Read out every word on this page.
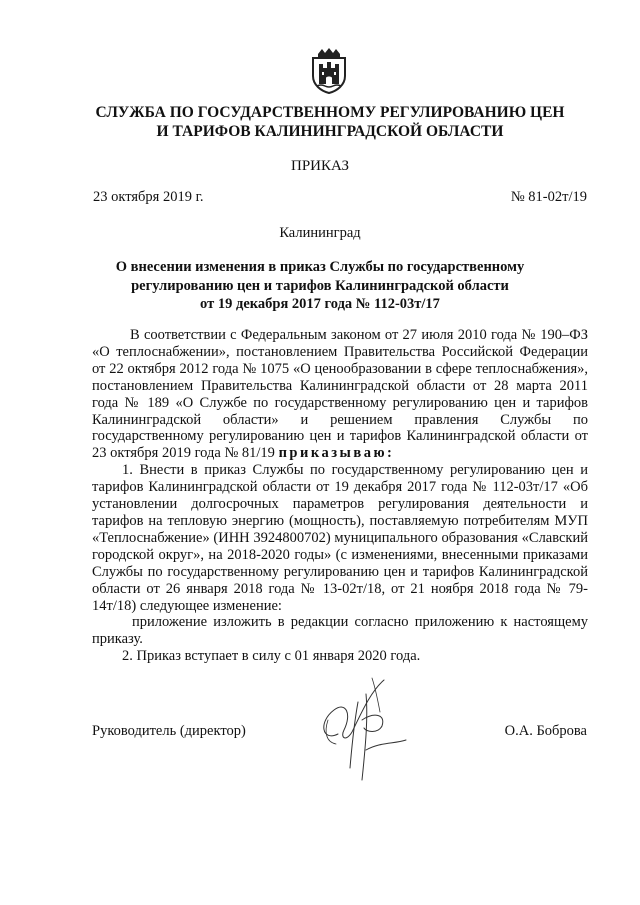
СЛУЖБА ПО ГОСУДАРСТВЕННОМУ РЕГУЛИРОВАНИЮ ЦЕН
И ТАРИФОВ КАЛИНИНГРАДСКОЙ ОБЛАСТИ
ПРИКАЗ
23 октября 2019 г.	№ 81-02т/19
Калининград
О внесении изменения в приказ Службы по государственному
регулированию цен и тарифов Калининградской области
от 19 декабря 2017 года № 112-03т/17

В соответствии с Федеральным законом от 27 июля 2010 года № 190–ФЗ «О теплоснабжении», постановлением Правительства Российской Федерации от 22 октября 2012 года № 1075 «О ценообразовании в сфере теплоснабжения», постановлением Правительства Калининградской области от 28 марта 2011 года № 189 «О Службе по государственному регулированию цен и тарифов Калининградской области» и решением правления Службы по государственному регулированию цен и тарифов Калининградской области от 23 октября 2019 года № 81/19 приказываю:

1. Внести в приказ Службы по государственному регулированию цен и тарифов Калининградской области от 19 декабря 2017 года № 112-03т/17 «Об установлении долгосрочных параметров регулирования деятельности и тарифов на тепловую энергию (мощность), поставляемую потребителям МУП «Теплоснабжение» (ИНН 3924800702) муниципального образования «Славский городской округ», на 2018-2020 годы» (с изменениями, внесенными приказами Службы по государственному регулированию цен и тарифов Калининградской области от 26 января 2018 года № 13-02т/18, от 21 ноября 2018 года № 79-14т/18) следующее изменение:

приложение изложить в редакции согласно приложению к настоящему приказу.

2. Приказ вступает в силу с 01 января 2020 года.

Руководитель (директор)	О.А. Боброва
